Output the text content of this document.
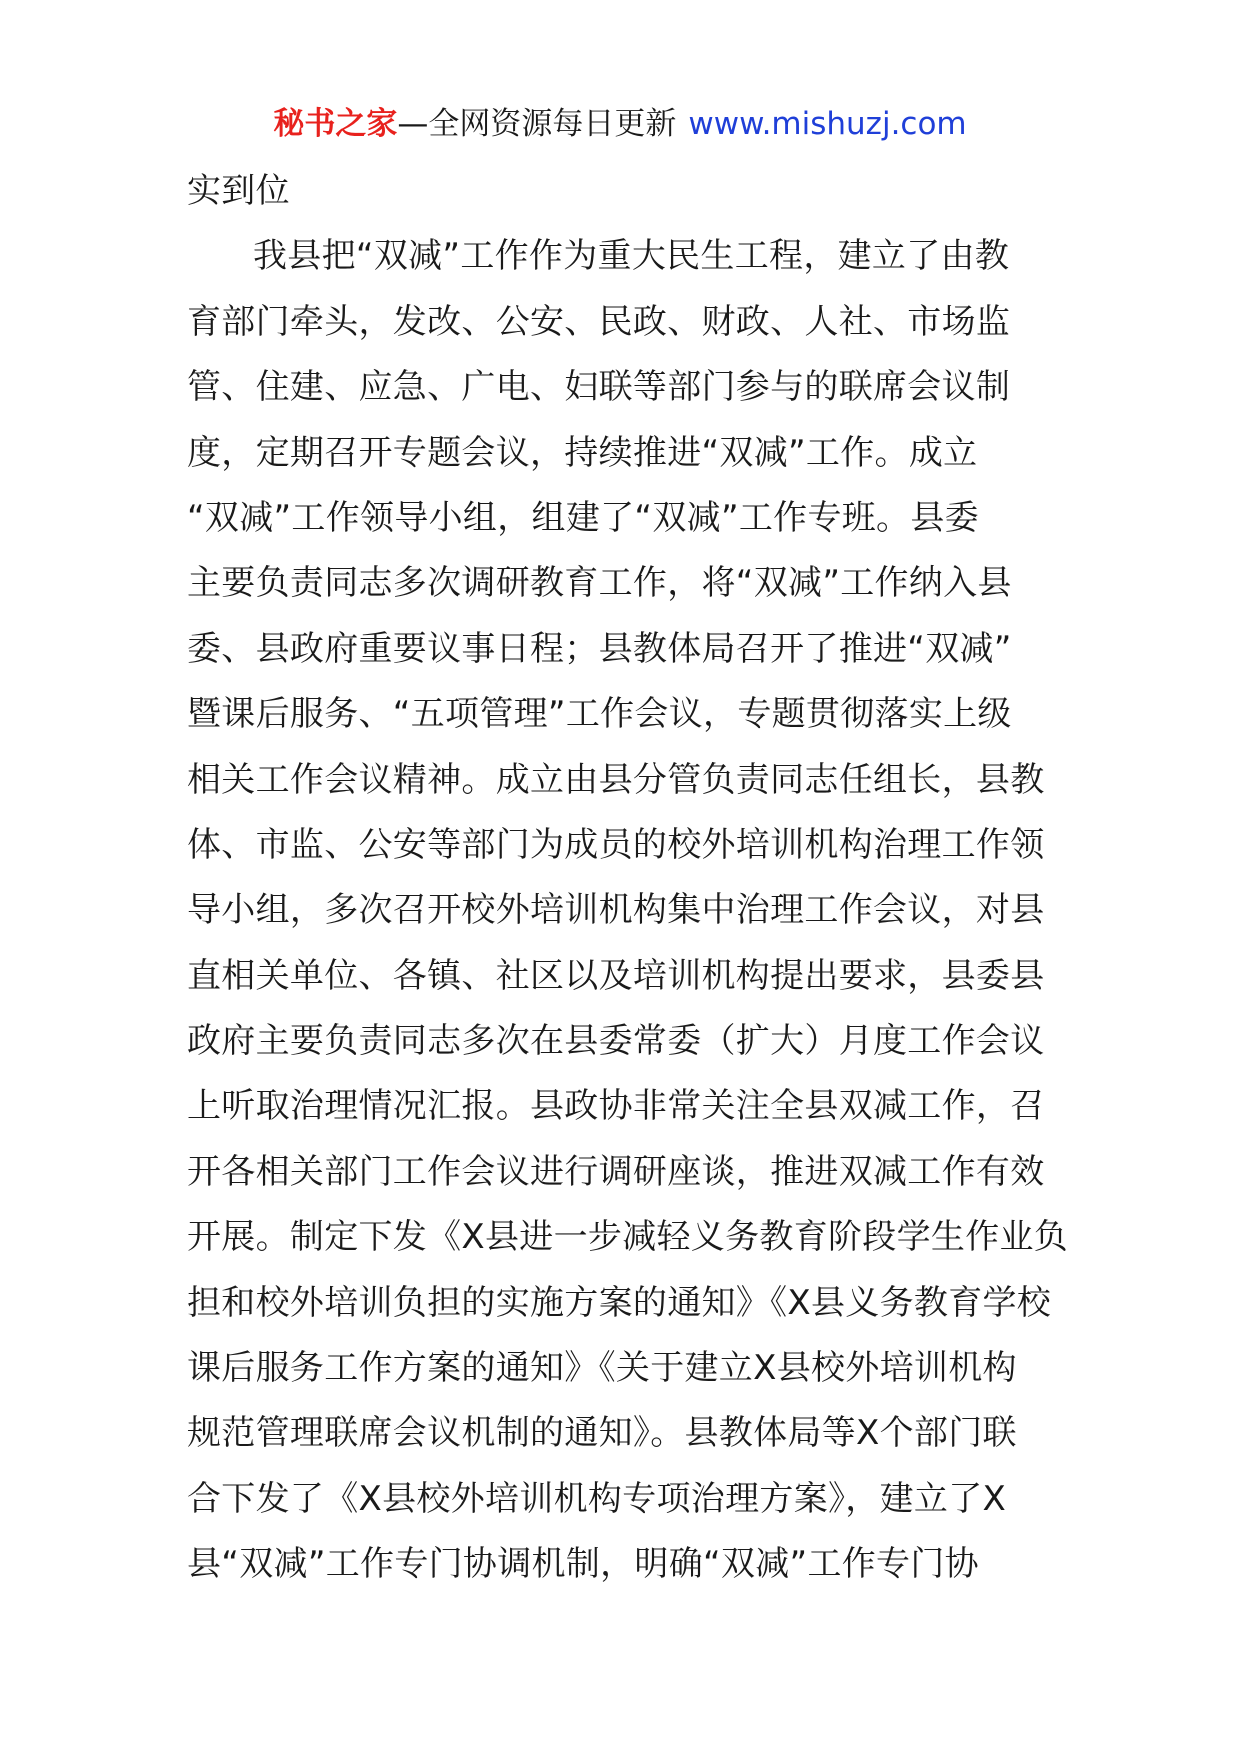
秘书之家—全网资源每日更新 www.mishuzj.com
实到位
我县把“双减”工作作为重大民生工程，建立了由教
育部门牵头，发改、公安、民政、财政、人社、市场监
管、住建、应急、广电、妇联等部门参与的联席会议制
度，定期召开专题会议，持续推进“双减”工作。成立
“双减”工作领导小组，组建了“双减”工作专班。县委
主要负责同志多次调研教育工作，将“双减”工作纳入县
委、县政府重要议事日程；县教体局召开了推进“双减”
暨课后服务、“五项管理”工作会议，专题贯彻落实上级
相关工作会议精神。成立由县分管负责同志任组长，县教
体、市监、公安等部门为成员的校外培训机构治理工作领
导小组，多次召开校外培训机构集中治理工作会议，对县
直相关单位、各镇、社区以及培训机构提出要求，县委县
政府主要负责同志多次在县委常委（扩大）月度工作会议
上听取治理情况汇报。县政协非常关注全县双减工作，召
开各相关部门工作会议进行调研座谈，推进双减工作有效
开展。制定下发《X县进一步减轻义务教育阶段学生作业负
担和校外培训负担的实施方案的通知》《X县义务教育学校
课后服务工作方案的通知》《关于建立X县校外培训机构
规范管理联席会议机制的通知》。县教体局等X个部门联
合下发了《X县校外培训机构专项治理方案》，建立了X
县“双减”工作专门协调机制，明确“双减”工作专门协
